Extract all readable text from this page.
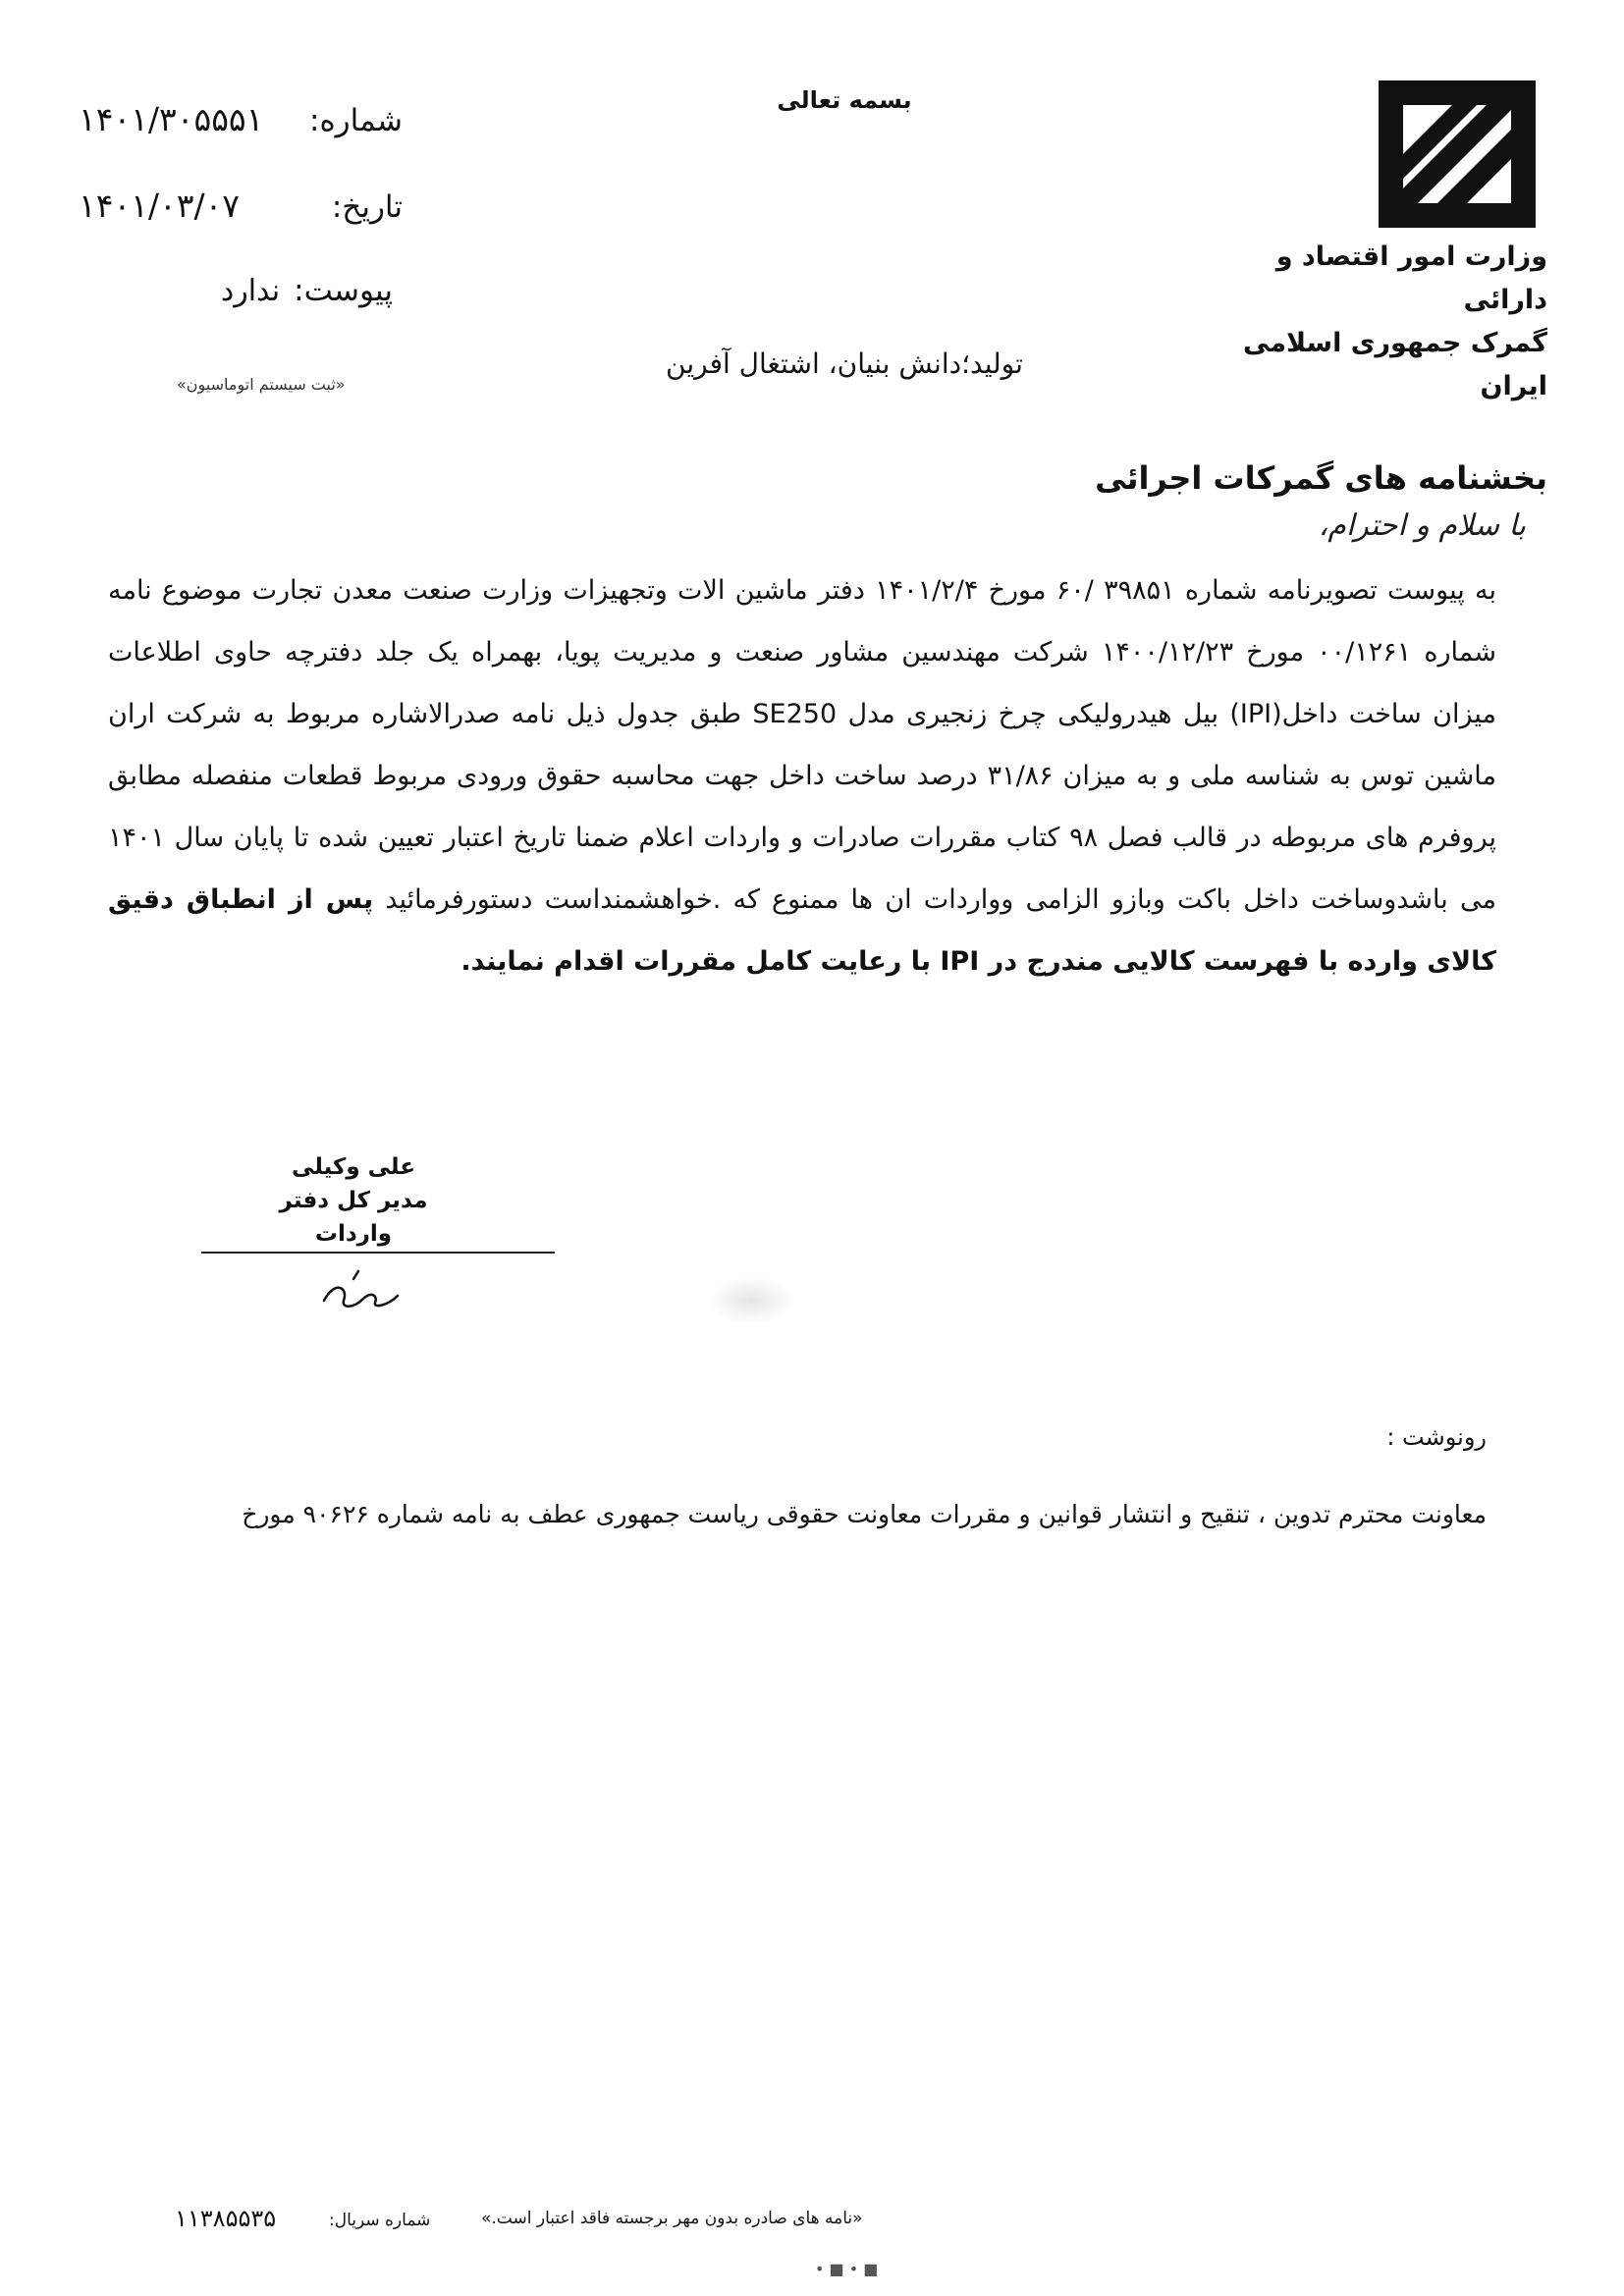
وزارت امور اقتصاد و دارائی
گمرک جمهوری اسلامی ایران
بسمه تعالی
تولید؛دانش بنیان، اشتغال آفرین
۱۴۰۱/۳۰۵۵۵۱ شماره:
۱۴۰۱/۰۳/۰۷	تاریخ:
ندارد پیوست:
«ثبت سیستم اتوماسیون»
بخشنامه های گمرکات اجرائی
با سلام و احترام،

به پیوست تصویرنامه شماره ۳۹۸۵۱ /۶۰ مورخ ۱۴۰۱/۲/۴ دفتر ماشین الات وتجهیزات وزارت صنعت معدن تجارت موضوع نامه شماره ۰۰/۱۲۶۱ مورخ ۱۴۰۰/۱۲/۲۳ شرکت مهندسین مشاور صنعت و مدیریت پویا، بهمراه یک جلد دفترچه حاوی اطلاعات میزان ساخت داخل(IPI) بیل هیدرولیکی چرخ زنجیری مدل SE250 طبق جدول ذیل نامه صدرالاشاره مربوط به شرکت اران ماشین توس به شناسه ملی و به میزان ۳۱/۸۶ درصد ساخت داخل جهت محاسبه حقوق ورودی مربوط قطعات منفصله مطابق پروفرم های مربوطه در قالب فصل ۹۸ کتاب مقررات صادرات و واردات اعلام ضمنا تاریخ اعتبار تعیین شده تا پایان سال ۱۴۰۱ می باشدوساخت داخل باکت وبازو الزامی وواردات ان ها ممنوع که .خواهشمنداست دستورفرمائید پس از انطباق دقیق کالای وارده با فهرست کالایی مندرج در IPI با رعایت کامل مقررات اقدام نمایند.

علی وکیلی
مدیر کل دفتر واردات
رونوشت :
معاونت محترم تدوین ، تنقیح و انتشار قوانین و مقررات معاونت حقوقی ریاست جمهوری عطف به نامه شماره ۹۰۶۲۶ مورخ
«نامه های صادره بدون مهر برجسته فاقد اعتبار است.»
شماره سریال:
۱۱۳۸۵۵۳۵
• ■ • ■
